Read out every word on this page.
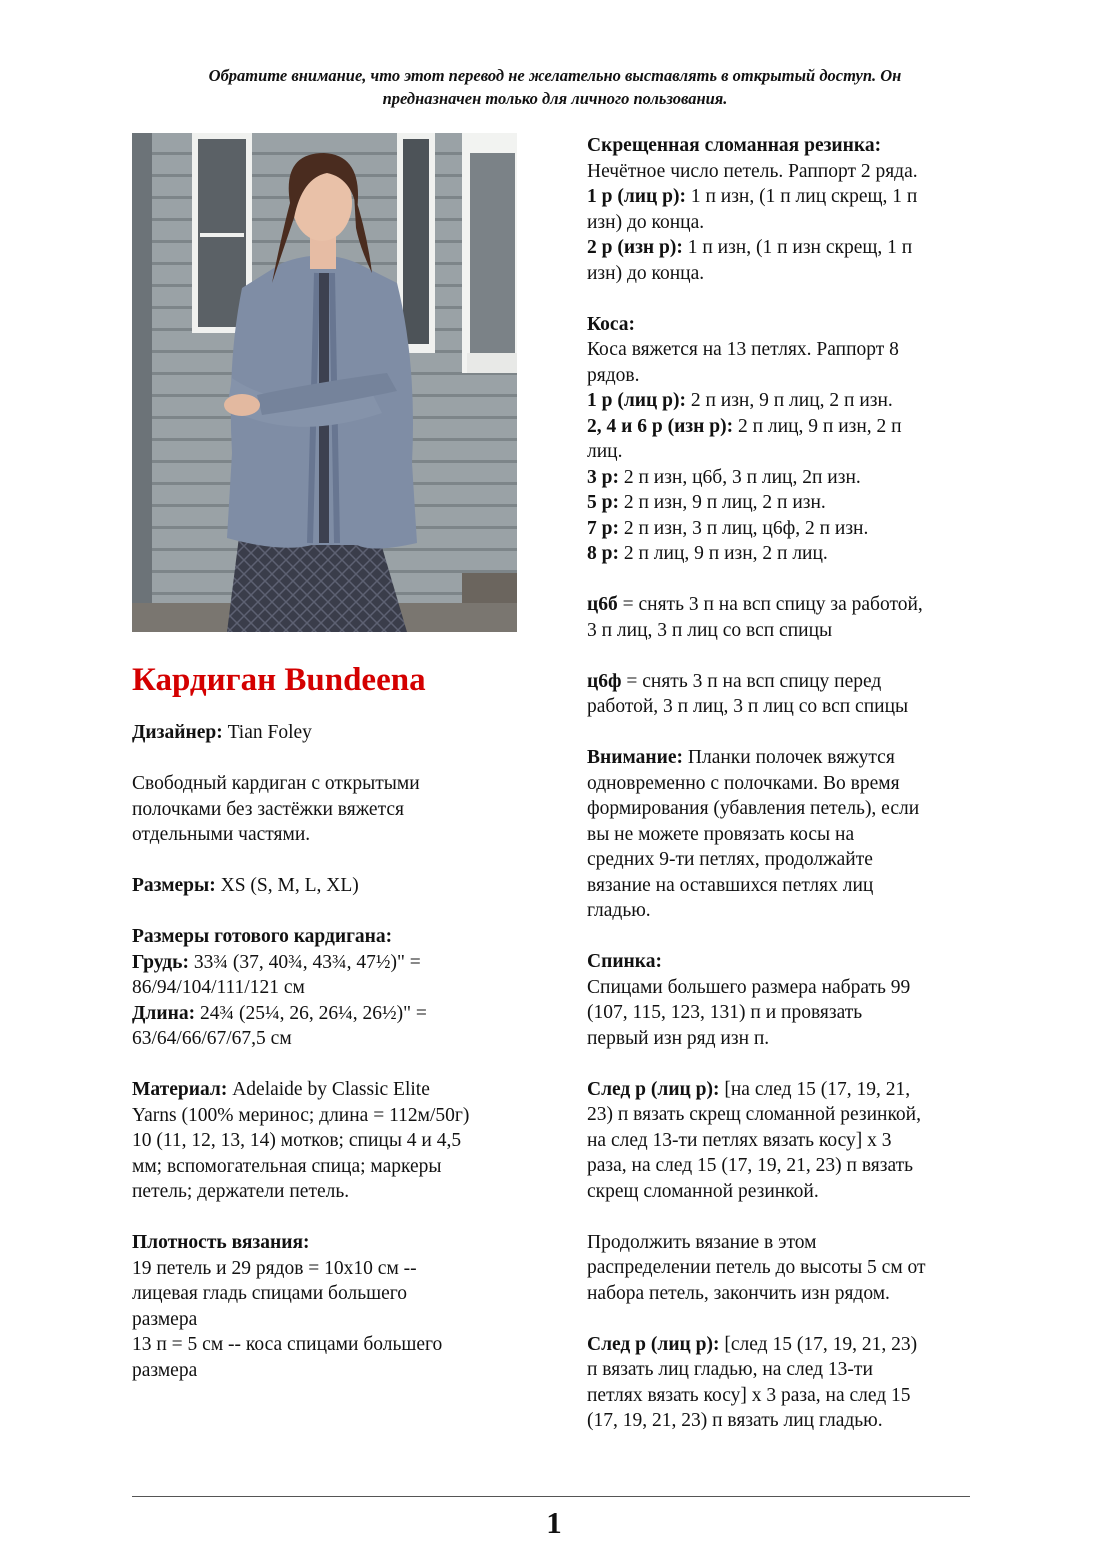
Обратите внимание, что этот перевод не желательно выставлять в открытый доступ. Он
предназначен только для личного пользования.
Кардиган Bundeena

Дизайнер: Tian Foley

Свободный кардиган с открытыми

полочками без застёжки вяжется

отдельными частями.

Размеры: XS (S, M, L, XL)

Размеры готового кардигана:

Грудь: 33¾ (37, 40¾, 43¾, 47½)" =

86/94/104/111/121 см

Длина: 24¾ (25¼, 26, 26¼, 26½)" =

63/64/66/67/67,5 см

Материал: Adelaide by Classic Elite

Yarns (100% меринос; длина = 112м/50г)

10 (11, 12, 13, 14) мотков; спицы 4 и 4,5

мм; вспомогательная спица; маркеры

петель; держатели петель.

Плотность вязания:

19 петель и 29 рядов = 10х10 см --

лицевая гладь спицами большего

размера

13 п = 5 см -- коса спицами большего

размера

Скрещенная сломанная резинка:

Нечётное число петель. Раппорт 2 ряда.

1 р (лиц р): 1 п изн, (1 п лиц скрещ, 1 п

изн) до конца.

2 р (изн р): 1 п изн, (1 п изн скрещ, 1 п

изн) до конца.

Коса:

Коса вяжется на 13 петлях. Раппорт 8

рядов.

1 р (лиц р): 2 п изн, 9 п лиц, 2 п изн.

2, 4 и 6 р (изн р): 2 п лиц, 9 п изн, 2 п

лиц.

3 р: 2 п изн, ц6б, 3 п лиц, 2п изн.

5 р: 2 п изн, 9 п лиц, 2 п изн.

7 р: 2 п изн, 3 п лиц, ц6ф, 2 п изн.

8 р: 2 п лиц, 9 п изн, 2 п лиц.

ц6б = снять 3 п на всп спицу за работой,

3 п лиц, 3 п лиц со всп спицы

ц6ф = снять 3 п на всп спицу перед

работой, 3 п лиц, 3 п лиц со всп спицы

Внимание: Планки полочек вяжутся

одновременно с полочками. Во время

формирования (убавления петель), если

вы не можете провязать косы на

средних 9-ти петлях, продолжайте

вязание на оставшихся петлях лиц

гладью.

Спинка:

Спицами большего размера набрать 99

(107, 115, 123, 131) п и провязать

первый изн ряд изн п.

След р (лиц р): [на след 15 (17, 19, 21,

23) п вязать скрещ сломанной резинкой,

на след 13-ти петлях вязать косу] х 3

раза, на след 15 (17, 19, 21, 23) п вязать

скрещ сломанной резинкой.

Продолжить вязание в этом

распределении петель до высоты 5 см от

набора петель, закончить изн рядом.

След р (лиц р): [след 15 (17, 19, 21, 23)

п вязать лиц гладью, на след 13-ти

петлях вязать косу] х 3 раза, на след 15

(17, 19, 21, 23) п вязать лиц гладью.

1
